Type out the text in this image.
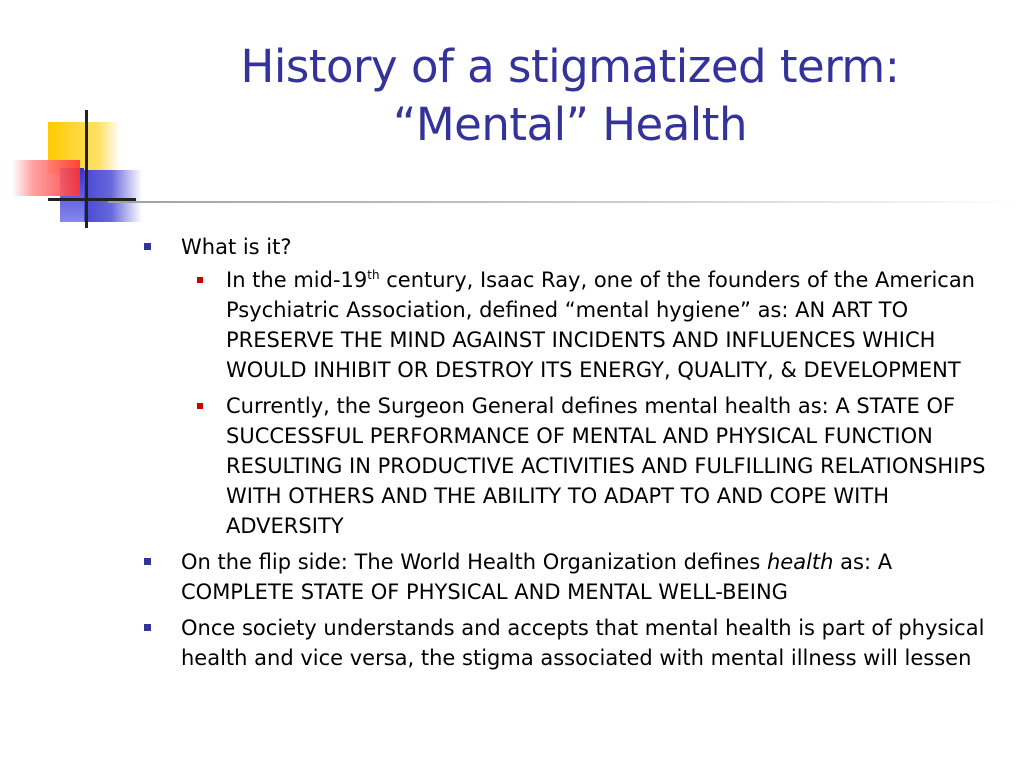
History of a stigmatized term:
“Mental” Health
What is it?
In the mid-19th century, Isaac Ray, one of the founders of the American Psychiatric Association, defined “mental hygiene” as: AN ART TO PRESERVE THE MIND AGAINST INCIDENTS AND INFLUENCES WHICH WOULD INHIBIT OR DESTROY ITS ENERGY, QUALITY, & DEVELOPMENT
Currently, the Surgeon General defines mental health as: A STATE OF SUCCESSFUL PERFORMANCE OF MENTAL AND PHYSICAL FUNCTION RESULTING IN PRODUCTIVE ACTIVITIES AND FULFILLING RELATIONSHIPS WITH OTHERS AND THE ABILITY TO ADAPT TO AND COPE WITH ADVERSITY
On the flip side: The World Health Organization defines health as: A COMPLETE STATE OF PHYSICAL AND MENTAL WELL-BEING
Once society understands and accepts that mental health is part of physical health and vice versa, the stigma associated with mental illness will lessen
